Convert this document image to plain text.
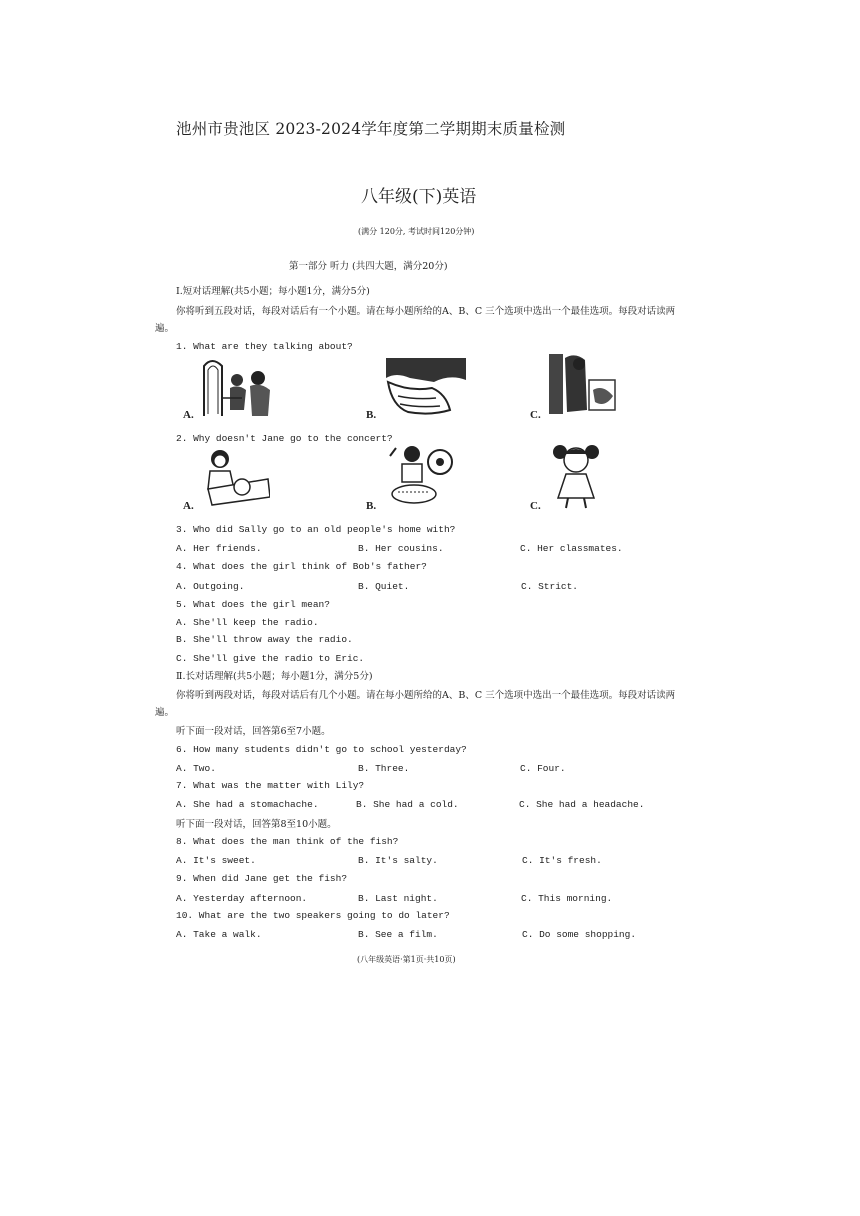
池州市贵池区 2023-2024学年度第二学期期末质量检测
八年级(下)英语
(满分 120分, 考试时间120分钟)
第一部分 听力 (共四大题，满分20分)
Ⅰ.短对话理解(共5小题；每小题1分，满分5分)
你将听到五段对话，每段对话后有一个小题。请在每小题所给的A、B、C 三个选项中选出一个最佳选项。每段对话读两
遍。
1. What are they talking about?
A.	B.	C.
2. Why doesn't Jane go to the concert?
A.	B.	C.
3. Who did Sally go to an old people's home with?
A. Her friends.	B. Her cousins.	C. Her classmates.
4. What does the girl think of Bob's father?
A. Outgoing.	B. Quiet.	C. Strict.
5. What does the girl mean?
A. She'll keep the radio.
B. She'll throw away the radio.
C. She'll give the radio to Eric.
Ⅱ.长对话理解(共5小题；每小题1分，满分5分)
你将听到两段对话，每段对话后有几个小题。请在每小题所给的A、B、C 三个选项中选出一个最佳选项。每段对话读两
遍。
听下面一段对话，回答第6至7小题。
6. How many students didn't go to school yesterday?
A. Two.	B. Three.	C. Four.
7. What was the matter with Lily?
A. She had a stomachache.	B. She had a cold.	C. She had a headache.
听下面一段对话，回答第8至10小题。
8. What does the man think of the fish?
A. It's sweet.	B. It's salty.	C. It's fresh.
9. When did Jane get the fish?
A. Yesterday afternoon.	B. Last night.	C. This morning.
10. What are the two speakers going to do later?
A. Take a walk.	B. See a film.	C. Do some shopping.
(八年级英语·第1页·共10页)
